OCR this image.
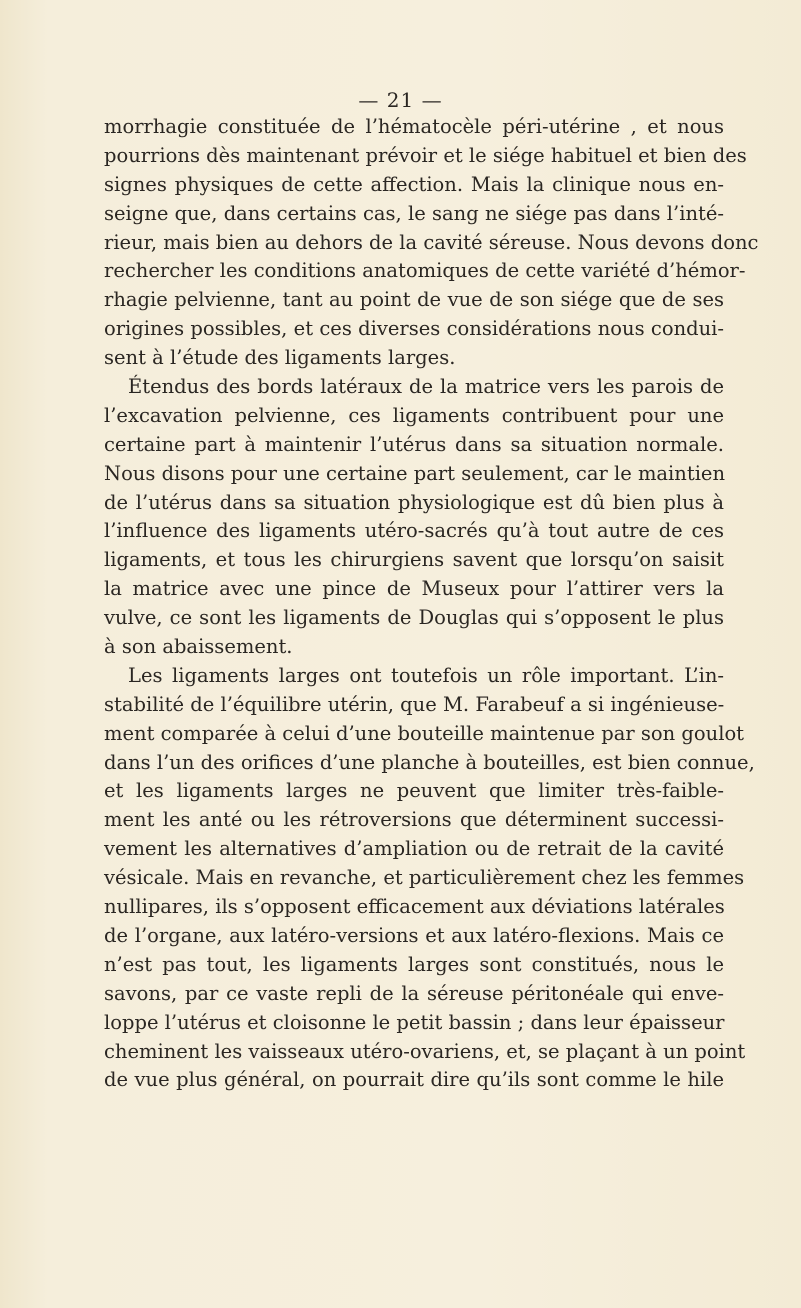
— 21 —
morrhagie constituée de l’hématocèle péri-utérine , et nous
pourrions dès maintenant prévoir et le siége habituel et bien des
signes physiques de cette affection. Mais la clinique nous en-
seigne que, dans certains cas, le sang ne siége pas dans l’inté-
rieur, mais bien au dehors de la cavité séreuse. Nous devons donc
rechercher les conditions anatomiques de cette variété d’hémor-
rhagie pelvienne, tant au point de vue de son siége que de ses
origines possibles, et ces diverses considérations nous condui-
sent à l’étude des ligaments larges.
Étendus des bords latéraux de la matrice vers les parois de
l’excavation pelvienne, ces ligaments contribuent pour une
certaine part à maintenir l’utérus dans sa situation normale.
Nous disons pour une certaine part seulement, car le maintien
de l’utérus dans sa situation physiologique est dû bien plus à
l’influence des ligaments utéro-sacrés qu’à tout autre de ces
ligaments, et tous les chirurgiens savent que lorsqu’on saisit
la matrice avec une pince de Museux pour l’attirer vers la
vulve, ce sont les ligaments de Douglas qui s’opposent le plus
à son abaissement.
Les ligaments larges ont toutefois un rôle important. L’in-
stabilité de l’équilibre utérin, que M. Farabeuf a si ingénieuse-
ment comparée à celui d’une bouteille maintenue par son goulot
dans l’un des orifices d’une planche à bouteilles, est bien connue,
et les ligaments larges ne peuvent que limiter très-faible-
ment les anté ou les rétroversions que déterminent successi-
vement les alternatives d’ampliation ou de retrait de la cavité
vésicale. Mais en revanche, et particulièrement chez les femmes
nullipares, ils s’opposent efficacement aux déviations latérales
de l’organe, aux latéro-versions et aux latéro-flexions. Mais ce
n’est pas tout, les ligaments larges sont constitués, nous le
savons, par ce vaste repli de la séreuse péritonéale qui enve-
loppe l’utérus et cloisonne le petit bassin ; dans leur épaisseur
cheminent les vaisseaux utéro-ovariens, et, se plaçant à un point
de vue plus général, on pourrait dire qu’ils sont comme le hile
